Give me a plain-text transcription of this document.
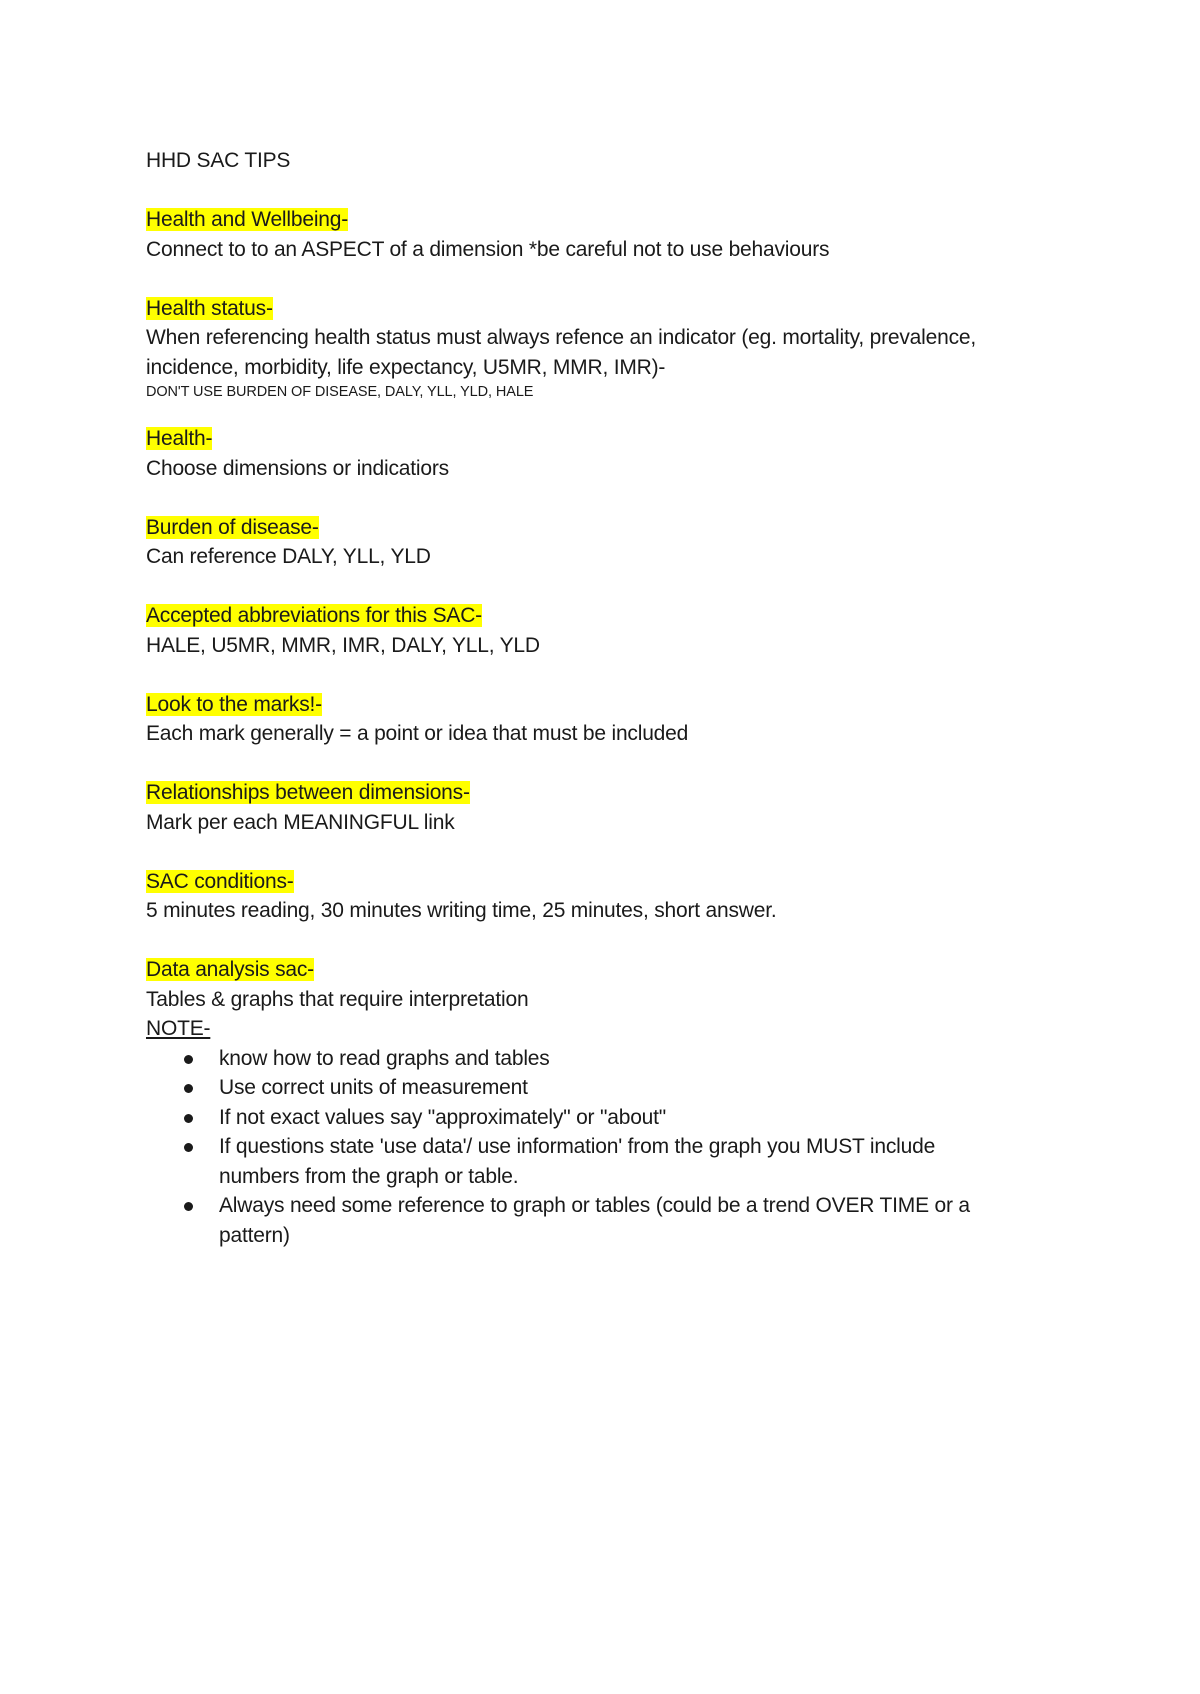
HHD SAC TIPS
Health and Wellbeing-
Connect to to an ASPECT of a dimension *be careful not to use behaviours
Health status-
When referencing health status must always refence an indicator (eg. mortality, prevalence,
incidence, morbidity, life expectancy, U5MR, MMR, IMR)-
DON'T USE BURDEN OF DISEASE, DALY, YLL, YLD, HALE
Health-
Choose dimensions or indicatiors
Burden of disease-
Can reference DALY, YLL, YLD
Accepted abbreviations for this SAC-
HALE, U5MR, MMR, IMR, DALY, YLL, YLD
Look to the marks!-
Each mark generally = a point or idea that must be included
Relationships between dimensions-
Mark per each MEANINGFUL link
SAC conditions-
5 minutes reading, 30 minutes writing time, 25 minutes, short answer.
Data analysis sac-
Tables & graphs that require interpretation
NOTE-
know how to read graphs and tables
Use correct units of measurement
If not exact values say "approximately" or "about"
If questions state 'use data'/ use information' from the graph you MUST include
numbers from the graph or table.
Always need some reference to graph or tables (could be a trend OVER TIME or a
pattern)
